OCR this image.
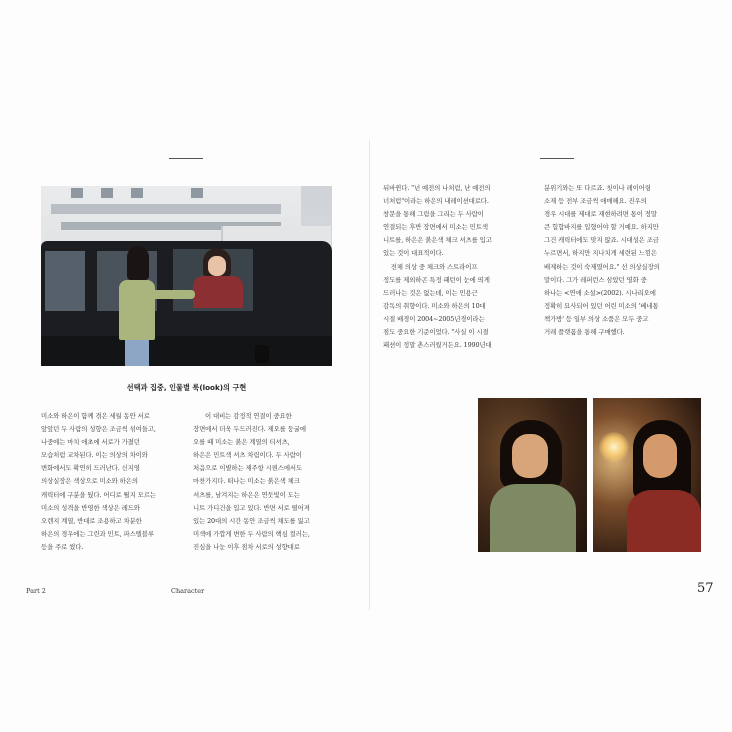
선택과 집중, 인물별 룩(look)의 구현

미소와 하은이 함께 겪은 세월 동안 서로

앞앞던 두 사람의 성향은 조금씩 섞여들고,

나중에는 마치 애초에 서로가 가졌던

모습처럼 교차된다. 이는 의상의 차이와

변화에서도 확연히 드러난다. 신지영

의상실장은 색상으로 미소와 하은의

캐릭터에 구분을 뒀다. 어디로 튈지 모르는

미소의 성격을 반영한 색상은 레드와

오렌지 계열, 반대로 조용하고 차분한

하은의 경우에는 그린과 민트, 파스텔블루

등을 주로 썼다.

이 대비는 감정적 연결이 중요한

장면에서 더욱 두드러진다. 제오를 둥굴에

오를 때 미소는 붉은 계열의 티셔츠,

하은은 민트색 셔츠 차림이다. 두 사람이

처음으로 이별하는 제주항 시퀀스에서도

마찬가지다. 떠나는 미소는 붉은색 체크

셔츠를, 남겨지는 하은은 연둣빛이 도는

니트 가디건을 입고 있다. 반면 서로 떨어져

있는 20대의 시간 동안 조금씩 채도를 잃고

미색에 가깝게 변한 두 사람의 핵심 컬러는,

진심을 나눈 이후 점차 서로의 성향대로

뒤바뀐다. "넌 예전의 나처럼, 난 예전의

너처럼"이라는 하은의 내레이션대로다.

창문을 통해 그림을 그리는 두 사람이

연결되는 후반 장면에서 미소는 민트색

니트를, 하은은 붉은색 체크 셔츠를 입고

있는 것이 대표적이다.

전체 의상 중 체크와 스트라이프

정도를 제외하곤 특정 패턴이 눈에 띄게

드러나는 것은 없는데, 이는 민용근

감독의 취향이다. 미소와 하은의 10대

시절 배경이 2004~2005년경이라는

점도 중요한 기준이었다. "사실 이 시절

패션이 정말 촌스러웠거든요. 1990년대

분위기와는 또 다르죠. 칫이나 레이어링

소재 등 전부 조금씩 애매해요. 진우의

경우 시대를 제대로 재현하려면 통이 정말

큰 힙합바지를 입혔어야 할 거예요. 하지만

그건 캐릭터에도 맞지 않죠. 시대성은 조금

누르면서, 하지만 지나치게 세련된 느낌은

배제하는 것이 숙제였어요." 선 의상실장의

말이다. 그가 레퍼런스 삼았던 영화 중

하나는 <연애 소설>(2002). 시나리오에

정확히 묘사되어 있던 어린 미소의 '베네통

책가방' 등 일부 의상 소품은 모두 중고

거래 플랫폼을 통해 구매했다.

Part 2	Character	57
